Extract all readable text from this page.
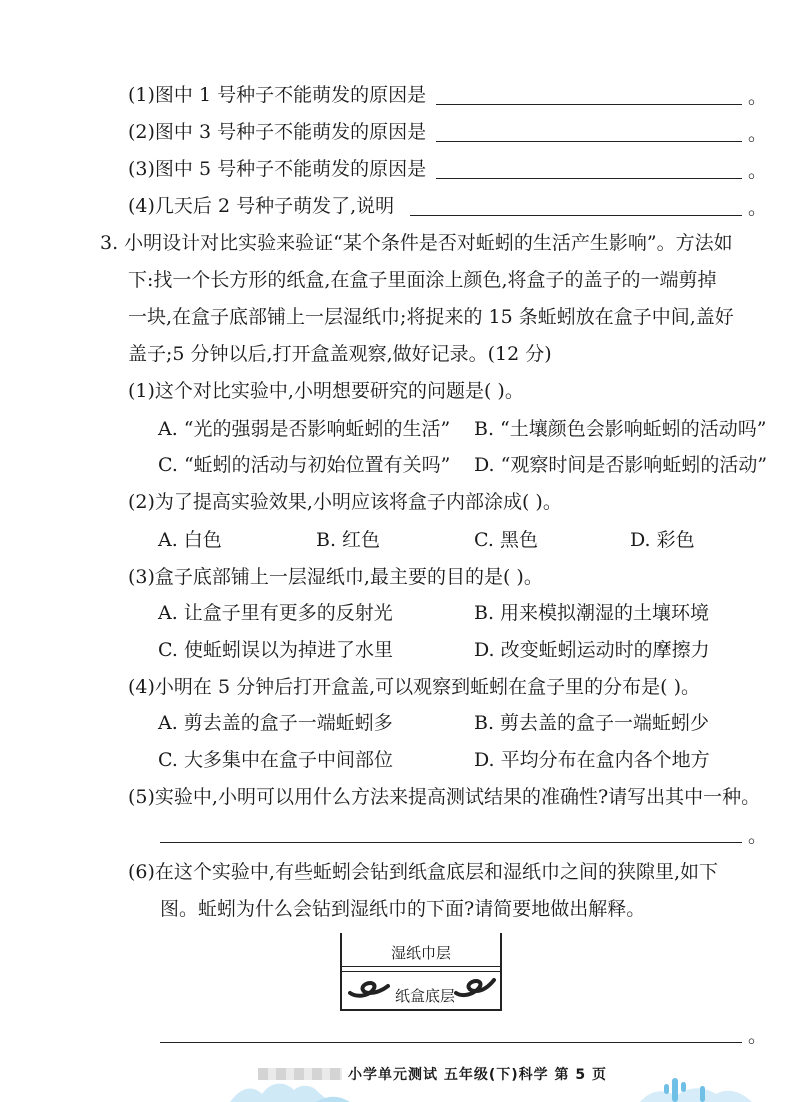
(1)图中 1 号种子不能萌发的原因是	。
(2)图中 3 号种子不能萌发的原因是	。
(3)图中 5 号种子不能萌发的原因是	。
(4)几天后 2 号种子萌发了,说明	。
3. 小明设计对比实验来验证“某个条件是否对蚯蚓的生活产生影响”。方法如
下:找一个长方形的纸盒,在盒子里面涂上颜色,将盒子的盖子的一端剪掉
一块,在盒子底部铺上一层湿纸巾;将捉来的 15 条蚯蚓放在盒子中间,盖好
盖子;5 分钟以后,打开盒盖观察,做好记录。(12 分)
(1)这个对比实验中,小明想要研究的问题是( )。
A. “光的强弱是否影响蚯蚓的生活” B. “土壤颜色会影响蚯蚓的活动吗”
C. “蚯蚓的活动与初始位置有关吗” D. “观察时间是否影响蚯蚓的活动”
(2)为了提高实验效果,小明应该将盒子内部涂成( )。
A. 白色	B. 红色	C. 黑色	D. 彩色
(3)盒子底部铺上一层湿纸巾,最主要的目的是( )。
A. 让盒子里有更多的反射光	B. 用来模拟潮湿的土壤环境
C. 使蚯蚓误以为掉进了水里	D. 改变蚯蚓运动时的摩擦力
(4)小明在 5 分钟后打开盒盖,可以观察到蚯蚓在盒子里的分布是( )。
A. 剪去盖的盒子一端蚯蚓多	B. 剪去盖的盒子一端蚯蚓少
C. 大多集中在盒子中间部位	D. 平均分布在盒内各个地方
(5)实验中,小明可以用什么方法来提高测试结果的准确性?请写出其中一种。
。
(6)在这个实验中,有些蚯蚓会钻到纸盒底层和湿纸巾之间的狭隙里,如下
图。蚯蚓为什么会钻到湿纸巾的下面?请简要地做出解释。
湿纸巾层
纸盒底层
。
小学单元测试 五年级(下)科学 第 5 页
